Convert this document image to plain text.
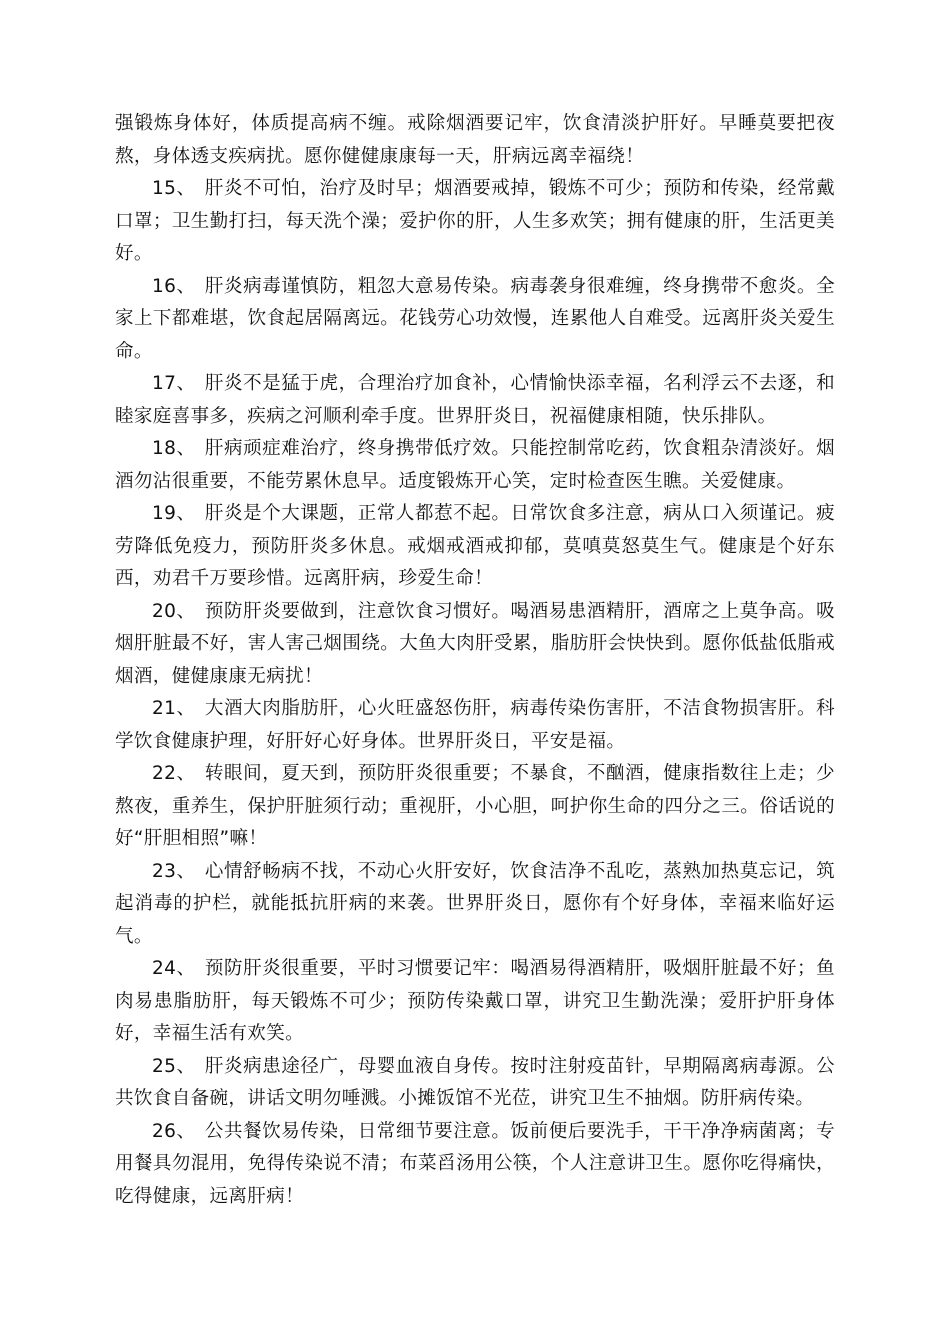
强锻炼身体好，体质提高病不缠。戒除烟酒要记牢，饮食清淡护肝好。早睡莫要把夜熬，身体透支疾病扰。愿你健健康康每一天，肝病远离幸福绕！

15、 肝炎不可怕，治疗及时早；烟酒要戒掉，锻炼不可少；预防和传染，经常戴口罩；卫生勤打扫，每天洗个澡；爱护你的肝，人生多欢笑；拥有健康的肝，生活更美好。

16、 肝炎病毒谨慎防，粗忽大意易传染。病毒袭身很难缠，终身携带不愈炎。全家上下都难堪，饮食起居隔离远。花钱劳心功效慢，连累他人自难受。远离肝炎关爱生命。

17、 肝炎不是猛于虎，合理治疗加食补，心情愉快添幸福，名利浮云不去逐，和睦家庭喜事多，疾病之河顺利牵手度。世界肝炎日，祝福健康相随，快乐排队。

18、 肝病顽症难治疗，终身携带低疗效。只能控制常吃药，饮食粗杂清淡好。烟酒勿沾很重要，不能劳累休息早。适度锻炼开心笑，定时检查医生瞧。关爱健康。

19、 肝炎是个大课题，正常人都惹不起。日常饮食多注意，病从口入须谨记。疲劳降低免疫力，预防肝炎多休息。戒烟戒酒戒抑郁，莫嗔莫怒莫生气。健康是个好东西，劝君千万要珍惜。远离肝病，珍爱生命！

20、 预防肝炎要做到，注意饮食习惯好。喝酒易患酒精肝，酒席之上莫争高。吸烟肝脏最不好，害人害己烟围绕。大鱼大肉肝受累，脂肪肝会快快到。愿你低盐低脂戒烟酒，健健康康无病扰！

21、 大酒大肉脂肪肝，心火旺盛怒伤肝，病毒传染伤害肝，不洁食物损害肝。科学饮食健康护理，好肝好心好身体。世界肝炎日，平安是福。

22、 转眼间，夏天到，预防肝炎很重要；不暴食，不酗酒，健康指数往上走；少熬夜，重养生，保护肝脏须行动；重视肝，小心胆，呵护你生命的四分之三。俗话说的好“肝胆相照”嘛！

23、 心情舒畅病不找，不动心火肝安好，饮食洁净不乱吃，蒸熟加热莫忘记，筑起消毒的护栏，就能抵抗肝病的来袭。世界肝炎日，愿你有个好身体，幸福来临好运气。

24、 预防肝炎很重要，平时习惯要记牢：喝酒易得酒精肝，吸烟肝脏最不好；鱼肉易患脂肪肝，每天锻炼不可少；预防传染戴口罩，讲究卫生勤洗澡；爱肝护肝身体好，幸福生活有欢笑。

25、 肝炎病患途径广，母婴血液自身传。按时注射疫苗针，早期隔离病毒源。公共饮食自备碗，讲话文明勿唾溅。小摊饭馆不光莅，讲究卫生不抽烟。防肝病传染。

26、 公共餐饮易传染，日常细节要注意。饭前便后要洗手，干干净净病菌离；专用餐具勿混用，免得传染说不清；布菜舀汤用公筷，个人注意讲卫生。愿你吃得痛快，吃得健康，远离肝病！
